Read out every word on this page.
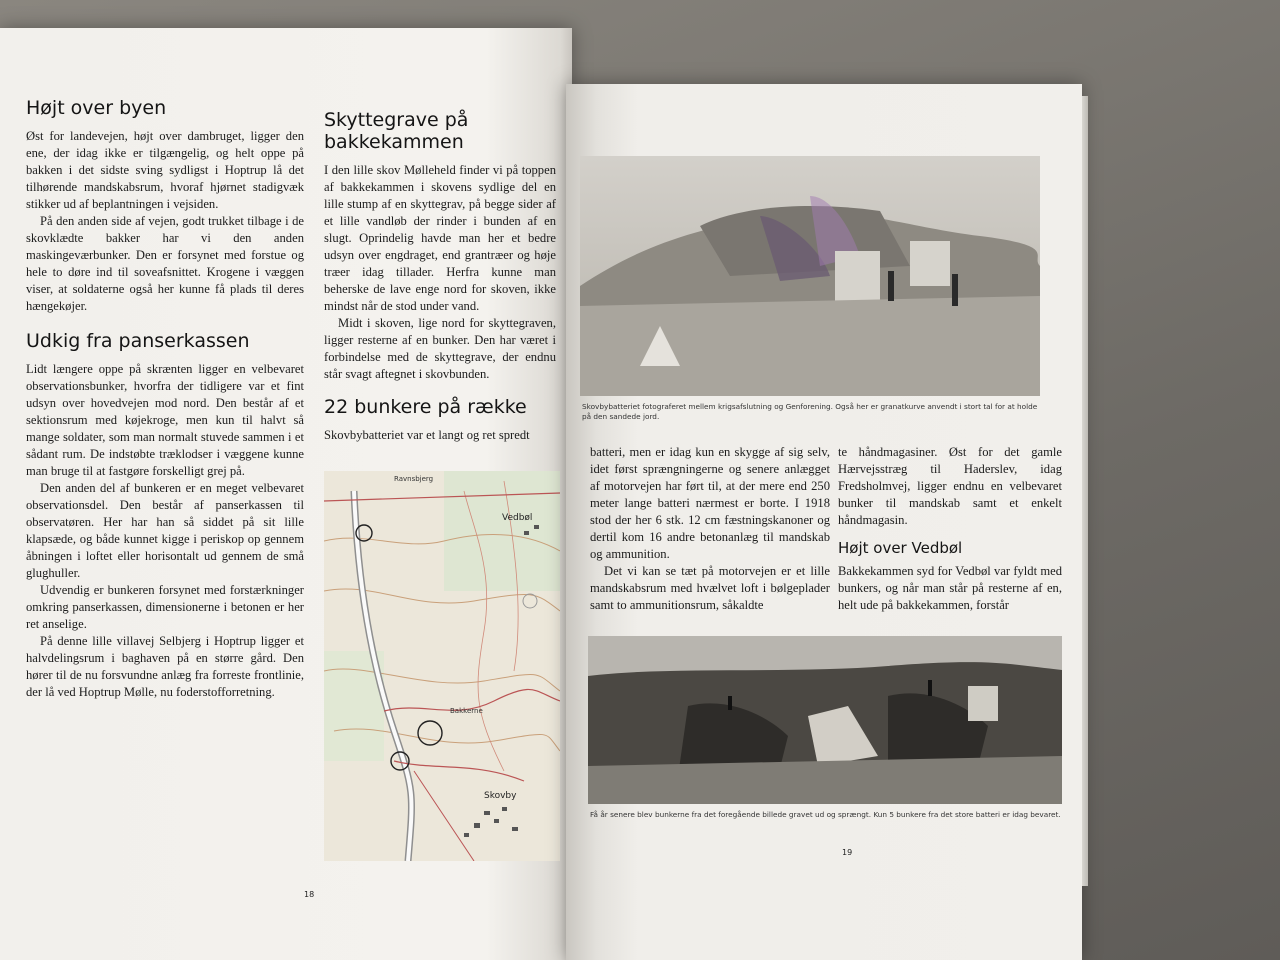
Højt over byen

Øst for landevejen, højt over dambruget, ligger den ene, der idag ikke er tilgængelig, og helt oppe på bakken i det sidste sving sydligst i Hoptrup lå det tilhørende mandskabsrum, hvoraf hjørnet stadigvæk stikker ud af beplantningen i vejsiden.

På den anden side af vejen, godt trukket tilbage i de skovklædte bakker har vi den anden maskingeværbunker. Den er forsynet med forstue og hele to døre ind til soveafsnittet. Krogene i væggen viser, at soldaterne også her kunne få plads til deres hængekøjer.

Udkig fra panserkassen

Lidt længere oppe på skrænten ligger en velbevaret observationsbunker, hvorfra der tidligere var et fint udsyn over hovedvejen mod nord. Den består af et sektionsrum med køjekroge, men kun til halvt så mange soldater, som man normalt stuvede sammen i et sådant rum. De indstøbte træklodser i væggene kunne man bruge til at fastgøre forskelligt grej på.

Den anden del af bunkeren er en meget velbevaret observationsdel. Den består af panserkassen til observatøren. Her har han så siddet på sit lille klapsæde, og både kunnet kigge i periskop op gennem åbningen i loftet eller horisontalt ud gennem de små glughuller.

Udvendig er bunkeren forsynet med forstærkninger omkring panserkassen, dimensionerne i betonen er her ret anselige.

På denne lille villavej Selbjerg i Hoptrup ligger et halvdelingsrum i baghaven på en større gård. Den hører til de nu forsvundne anlæg fra forreste frontlinie, der lå ved Hoptrup Mølle, nu foderstofforretning.

Skyttegrave på bakkekammen

I den lille skov Mølleheld finder vi på toppen af bakkekammen i skovens sydlige del en lille stump af en skyttegrav, på begge sider af et lille vandløb der rinder i bunden af en slugt. Oprindelig havde man her et bedre udsyn over engdraget, end grantræer og høje træer idag tillader. Herfra kunne man beherske de lave enge nord for skoven, ikke mindst når de stod under vand.

Midt i skoven, lige nord for skyttegraven, ligger resterne af en bunker. Den har været i forbindelse med de skyttegrave, der endnu står svagt aftegnet i skovbunden.

22 bunkere på række

Skovbybatteriet var et langt og ret spredt

Ravnsbjerg
Vedbøl
Bakkerne
Skovby
18
Skovbybatteriet fotograferet mellem krigsafslutning og Genforening. Også her er granatkurve anvendt i stort tal for at holde på den sandede jord.

batteri, men er idag kun en skygge af sig selv, idet først sprængningerne og senere anlægget af motorvejen har ført til, at der mere end 250 meter lange batteri nærmest er borte. I 1918 stod der her 6 stk. 12 cm fæstningskanoner og dertil kom 16 andre betonanlæg til mandskab og ammunition.

Det vi kan se tæt på motorvejen er et lille mandskabsrum med hvælvet loft i bølgeplader samt to ammunitionsrum, såkaldte

te håndmagasiner. Øst for det gamle Hærvejsstræg til Haderslev, idag Fredsholmvej, ligger endnu en velbevaret bunker til mandskab samt et enkelt håndmagasin.

Højt over Vedbøl

Bakkekammen syd for Vedbøl var fyldt med bunkers, og når man står på resterne af en, helt ude på bakkekammen, forstår

Få år senere blev bunkerne fra det foregående billede gravet ud og sprængt. Kun 5 bunkere fra det store batteri er idag bevaret.
19
